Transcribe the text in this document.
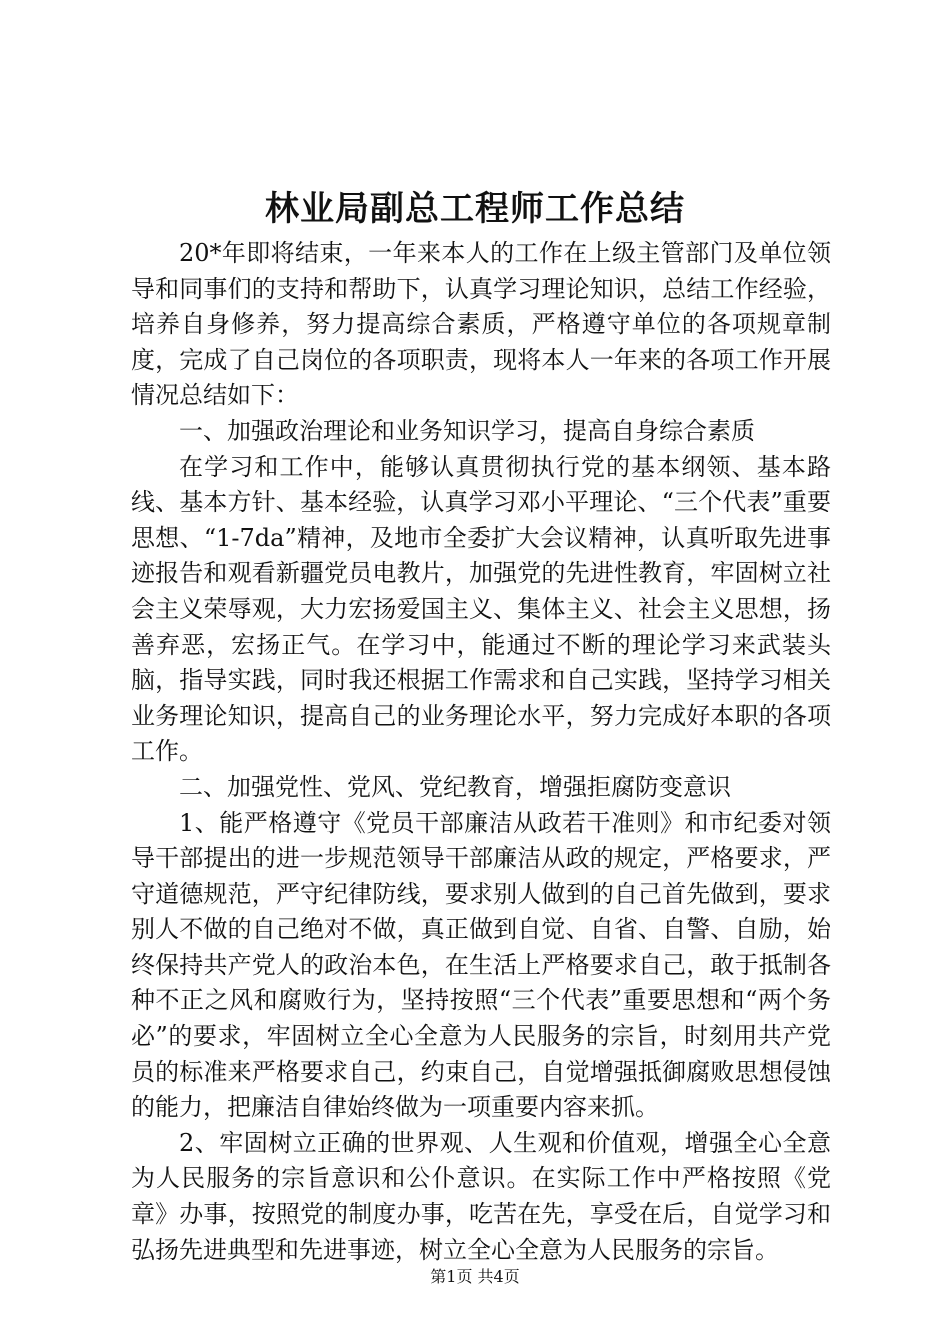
林业局副总工程师工作总结

20*年即将结束，一年来本人的工作在上级主管部门及单位领导和同事们的支持和帮助下，认真学习理论知识，总结工作经验，培养自身修养，努力提高综合素质，严格遵守单位的各项规章制度，完成了自己岗位的各项职责，现将本人一年来的各项工作开展情况总结如下：

一、加强政治理论和业务知识学习，提高自身综合素质

在学习和工作中，能够认真贯彻执行党的基本纲领、基本路线、基本方针、基本经验，认真学习邓小平理论、“三个代表”重要思想、“1-7da”精神，及地市全委扩大会议精神，认真听取先进事迹报告和观看新疆党员电教片，加强党的先进性教育，牢固树立社会主义荣辱观，大力宏扬爱国主义、集体主义、社会主义思想，扬善弃恶，宏扬正气。在学习中，能通过不断的理论学习来武装头脑，指导实践，同时我还根据工作需求和自己实践，坚持学习相关业务理论知识，提高自己的业务理论水平，努力完成好本职的各项工作。

二、加强党性、党风、党纪教育，增强拒腐防变意识

1、能严格遵守《党员干部廉洁从政若干准则》和市纪委对领导干部提出的进一步规范领导干部廉洁从政的规定，严格要求，严守道德规范，严守纪律防线，要求别人做到的自己首先做到，要求别人不做的自己绝对不做，真正做到自觉、自省、自警、自励，始终保持共产党人的政治本色，在生活上严格要求自己，敢于抵制各种不正之风和腐败行为，坚持按照“三个代表”重要思想和“两个务必”的要求，牢固树立全心全意为人民服务的宗旨，时刻用共产党员的标准来严格要求自己，约束自己，自觉增强抵御腐败思想侵蚀的能力，把廉洁自律始终做为一项重要内容来抓。

2、牢固树立正确的世界观、人生观和价值观，增强全心全意为人民服务的宗旨意识和公仆意识。在实际工作中严格按照《党章》办事，按照党的制度办事，吃苦在先，享受在后，自觉学习和弘扬先进典型和先进事迹，树立全心全意为人民服务的宗旨。

第1页 共4页
